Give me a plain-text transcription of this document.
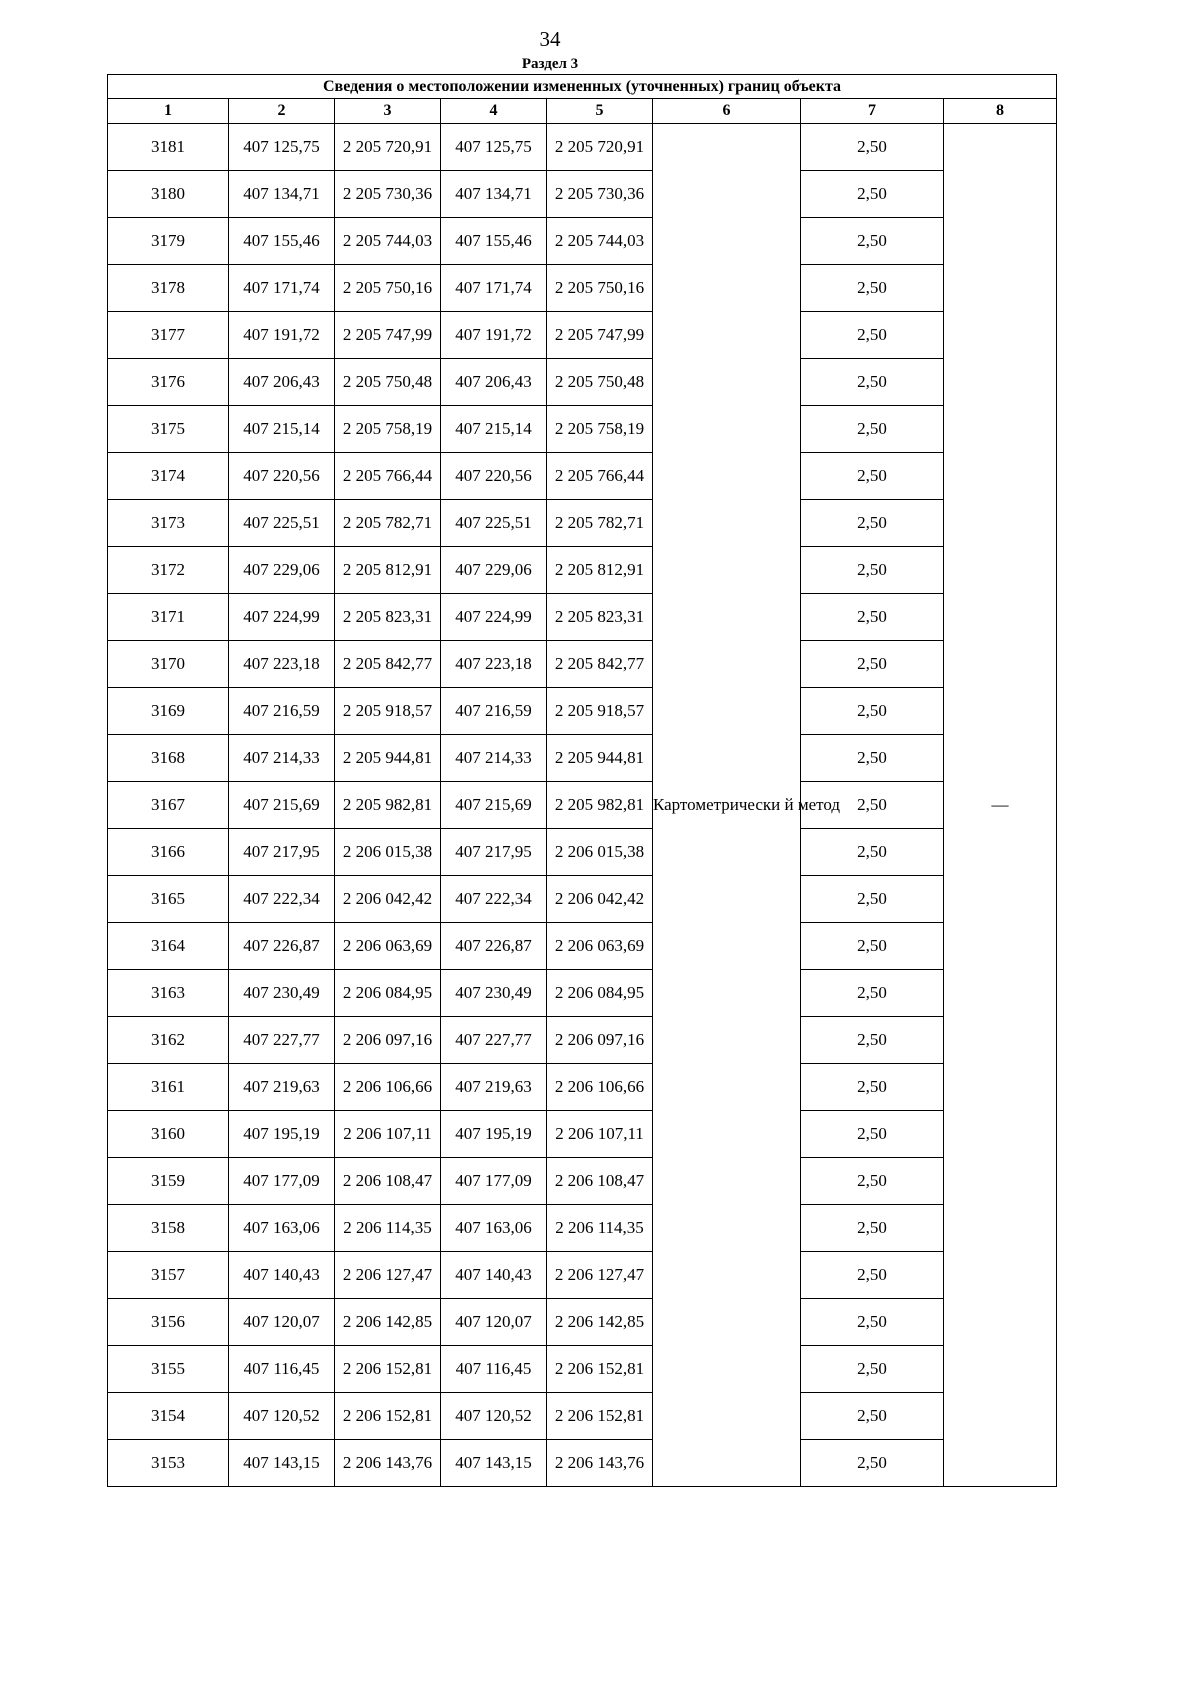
34
Раздел 3
Сведения о местоположении измененных (уточненных) границ объекта							
1	2	3	4	5	6	7	8
3181	407 125,75	2 205 720,91	407 125,75	2 205 720,91	Картометрически й метод	2,50	—
3180	407 134,71	2 205 730,36	407 134,71	2 205 730,36		2,50	
3179	407 155,46	2 205 744,03	407 155,46	2 205 744,03		2,50	
3178	407 171,74	2 205 750,16	407 171,74	2 205 750,16		2,50	
3177	407 191,72	2 205 747,99	407 191,72	2 205 747,99		2,50	
3176	407 206,43	2 205 750,48	407 206,43	2 205 750,48		2,50	
3175	407 215,14	2 205 758,19	407 215,14	2 205 758,19		2,50	
3174	407 220,56	2 205 766,44	407 220,56	2 205 766,44		2,50	
3173	407 225,51	2 205 782,71	407 225,51	2 205 782,71		2,50	
3172	407 229,06	2 205 812,91	407 229,06	2 205 812,91		2,50	
3171	407 224,99	2 205 823,31	407 224,99	2 205 823,31		2,50	
3170	407 223,18	2 205 842,77	407 223,18	2 205 842,77		2,50	
3169	407 216,59	2 205 918,57	407 216,59	2 205 918,57		2,50	
3168	407 214,33	2 205 944,81	407 214,33	2 205 944,81		2,50	
3167	407 215,69	2 205 982,81	407 215,69	2 205 982,81		2,50	
3166	407 217,95	2 206 015,38	407 217,95	2 206 015,38		2,50	
3165	407 222,34	2 206 042,42	407 222,34	2 206 042,42		2,50	
3164	407 226,87	2 206 063,69	407 226,87	2 206 063,69		2,50	
3163	407 230,49	2 206 084,95	407 230,49	2 206 084,95		2,50	
3162	407 227,77	2 206 097,16	407 227,77	2 206 097,16		2,50	
3161	407 219,63	2 206 106,66	407 219,63	2 206 106,66		2,50	
3160	407 195,19	2 206 107,11	407 195,19	2 206 107,11		2,50	
3159	407 177,09	2 206 108,47	407 177,09	2 206 108,47		2,50	
3158	407 163,06	2 206 114,35	407 163,06	2 206 114,35		2,50	
3157	407 140,43	2 206 127,47	407 140,43	2 206 127,47		2,50	
3156	407 120,07	2 206 142,85	407 120,07	2 206 142,85		2,50	
3155	407 116,45	2 206 152,81	407 116,45	2 206 152,81		2,50	
3154	407 120,52	2 206 152,81	407 120,52	2 206 152,81		2,50	
3153	407 143,15	2 206 143,76	407 143,15	2 206 143,76		2,50	
